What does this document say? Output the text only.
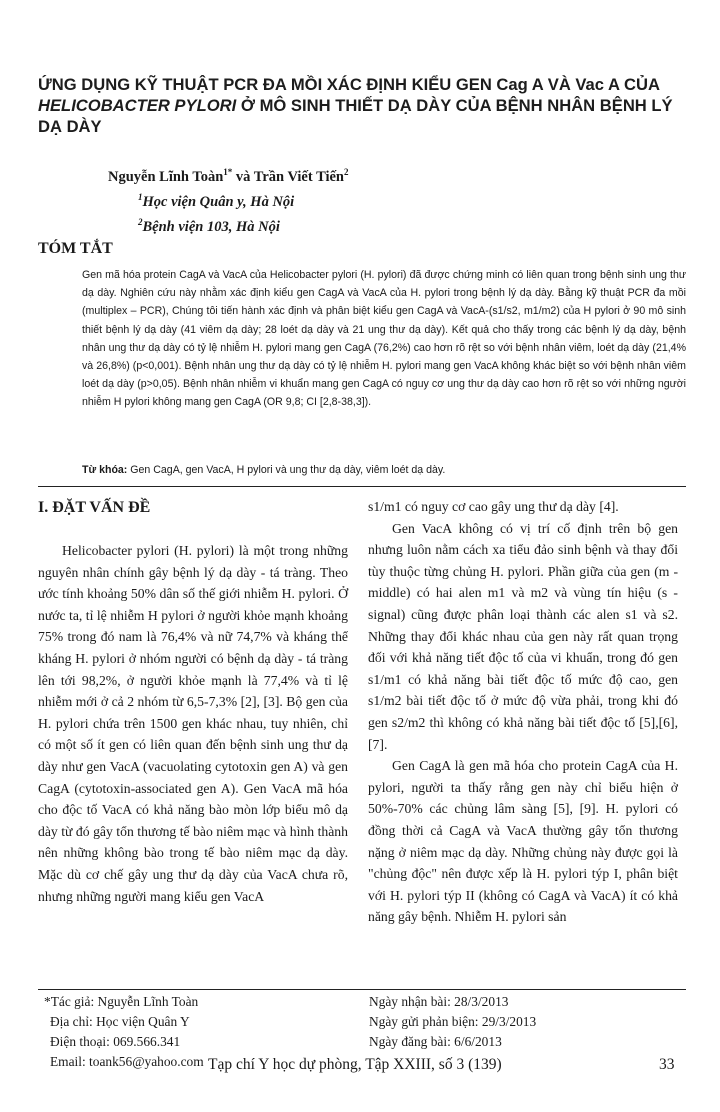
ỨNG DỤNG KỸ THUẬT PCR ĐA MỒI XÁC ĐỊNH KIỂU GEN Cag A VÀ Vac A CỦA HELICOBACTER PYLORI Ở MÔ SINH THIẾT DẠ DÀY CỦA BỆNH NHÂN BỆNH LÝ DẠ DÀY
Nguyễn Lĩnh Toàn$^{1*}$ và Trần Viết Tiến$^2$
$^1$Học viện Quân y, Hà Nội
$^2$Bệnh viện 103, Hà Nội
TÓM TẮT

Gen mã hóa protein CagA và VacA của Helicobacter pylori (H. pylori) đã được chứng minh có liên quan trong bệnh sinh ung thư dạ dày. Nghiên cứu này nhằm xác định kiểu gen CagA và VacA của H. pylori trong bệnh lý dạ dày. Bằng kỹ thuật PCR đa mồi (multiplex – PCR), Chúng tôi tiến hành xác định và phân biệt kiểu gen CagA và VacA-(s1/s2, m1/m2) của H pylori ở 90 mô sinh thiết bệnh lý dạ dày (41 viêm dạ dày; 28 loét dạ dày và 21 ung thư dạ dày). Kết quả cho thấy trong các bệnh lý dạ dày, bệnh nhân ung thư dạ dày có tỷ lệ nhiễm H. pylori mang gen CagA (76,2%) cao hơn rõ rệt so với bệnh nhân viêm, loét dạ dày (21,4% và 26,8%) (p<0,001). Bệnh nhân ung thư dạ dày có tỷ lệ nhiễm H. pylori mang gen VacA không khác biệt so với bệnh nhân viêm loét dạ dày (p>0,05). Bệnh nhân nhiễm vi khuẩn mang gen CagA có nguy cơ ung thư dạ dày cao hơn rõ rệt so với những người nhiễm H pylori không mang gen CagA (OR 9,8; CI [2,8-38,3]).

Từ khóa: Gen CagA, gen VacA, H pylori và ung thư dạ dày, viêm loét dạ dày.

I. ĐẶT VẤN ĐỀ

Helicobacter pylori (H. pylori) là một trong những nguyên nhân chính gây bệnh lý dạ dày - tá tràng. Theo ước tính khoảng 50% dân số thế giới nhiễm H. pylori. Ở nước ta, tỉ lệ nhiễm H pylori ở người khỏe mạnh khoảng 75% trong đó nam là 76,4% và nữ 74,7% và kháng thể kháng H. pylori ở nhóm người có bệnh dạ dày - tá tràng lên tới 98,2%, ở người khỏe mạnh là 77,4% và tỉ lệ nhiễm mới ở cả 2 nhóm từ 6,5-7,3% [2], [3]. Bộ gen của H. pylori chứa trên 1500 gen khác nhau, tuy nhiên, chỉ có một số ít gen có liên quan đến bệnh sinh ung thư dạ dày như gen VacA (vacuolating cytotoxin gen A) và gen CagA (cytotoxin-associated gen A). Gen VacA mã hóa cho độc tố VacA có khả năng bào mòn lớp biểu mô dạ dày từ đó gây tổn thương tế bào niêm mạc và hình thành nên những không bào trong tế bào niêm mạc dạ dày. Mặc dù cơ chế gây ung thư dạ dày của VacA chưa rõ, nhưng những người mang kiểu gen VacA

s1/m1 có nguy cơ cao gây ung thư dạ dày [4].

Gen VacA không có vị trí cố định trên bộ gen nhưng luôn nằm cách xa tiểu đảo sinh bệnh và thay đổi tùy thuộc từng chủng H. pylori. Phần giữa của gen (m - middle) có hai alen m1 và m2 và vùng tín hiệu (s - signal) cũng được phân loại thành các alen s1 và s2. Những thay đổi khác nhau của gen này rất quan trọng đối với khả năng tiết độc tố của vi khuẩn, trong đó gen s1/m1 có khả năng bài tiết độc tố mức độ cao, gen s1/m2 bài tiết độc tố ở mức độ vừa phải, trong khi đó gen s2/m2 thì không có khả năng bài tiết độc tố [5],[6],[7].

Gen CagA là gen mã hóa cho protein CagA của H. pylori, người ta thấy rằng gen này chỉ biểu hiện ở 50%-70% các chủng lâm sàng [5], [9]. H. pylori có đồng thời cả CagA và VacA thường gây tổn thương nặng ở niêm mạc dạ dày. Những chủng này được gọi là "chủng độc" nên được xếp là H. pylori týp I, phân biệt với H. pylori týp II (không có CagA và VacA) ít có khả năng gây bệnh. Nhiễm H. pylori sản

*Tác giả: Nguyễn Lĩnh Toàn
Địa chỉ: Học viện Quân Y
Điện thoại: 069.566.341
Email: toank56@yahoo.com
Ngày nhận bài: 28/3/2013
Ngày gửi phản biện: 29/3/2013
Ngày đăng bài: 6/6/2013
Tạp chí Y học dự phòng, Tập XXIII, số 3 (139)	33
